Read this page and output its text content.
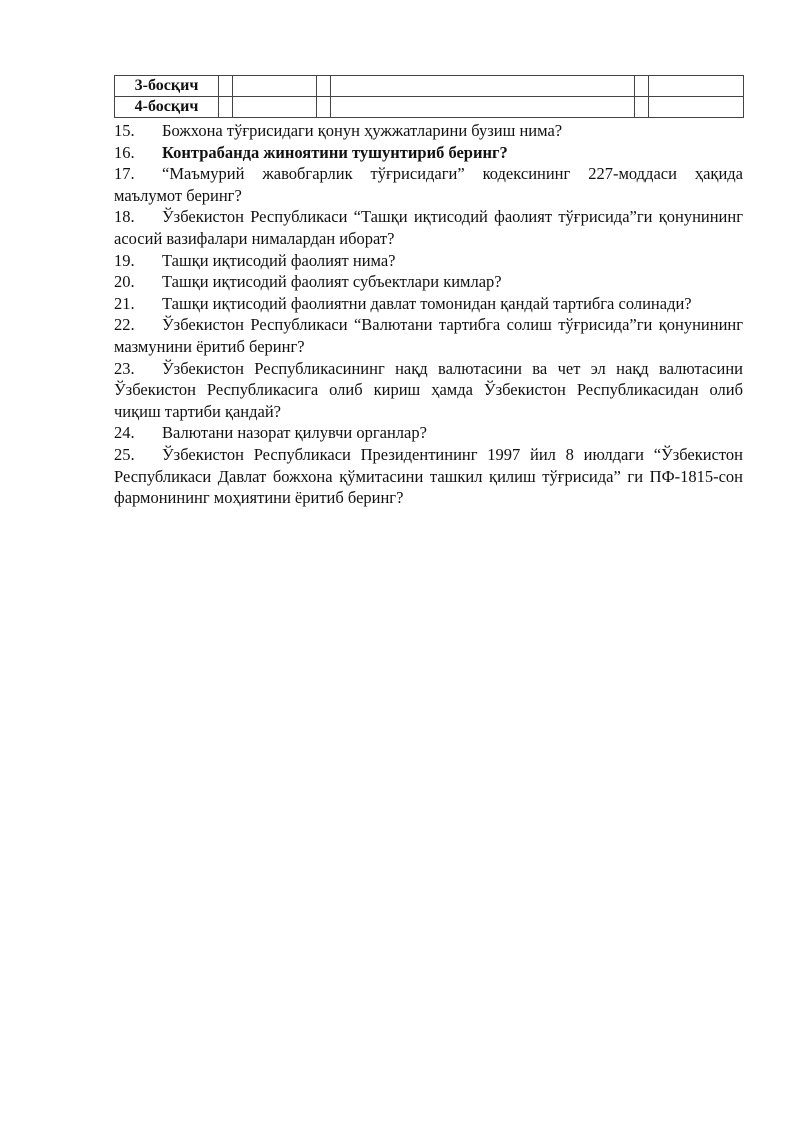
3-босқич						
4-босқич						
15. Божхона тўғрисидаги қонун ҳужжатларини бузиш нима?
16. Контрабанда жиноятини тушунтириб беринг?
17. “Маъмурий жавобгарлик тўғрисидаги” кодексининг 227-моддаси ҳақида маълумот беринг?
18. Ўзбекистон Республикаси “Ташқи иқтисодий фаолият тўғрисида”ги қонунининг асосий вазифалари нималардан иборат?
19. Ташқи иқтисодий фаолият нима?
20. Ташқи иқтисодий фаолият субъектлари кимлар?
21. Ташқи иқтисодий фаолиятни давлат томонидан қандай тартибга солинади?
22. Ўзбекистон Республикаси “Валютани тартибга солиш тўғрисида”ги қонунининг мазмунини ёритиб беринг?
23. Ўзбекистон Республикасининг нақд валютасини ва чет эл нақд валютасини Ўзбекистон Республикасига олиб кириш ҳамда Ўзбекистон Республикасидан олиб чиқиш тартиби қандай?
24. Валютани назорат қилувчи органлар?
25. Ўзбекистон Республикаси Президентининг 1997 йил 8 июлдаги “Ўзбекистон Республикаси Давлат божхона қўмитасини ташкил қилиш тўғрисида” ги ПФ-1815-сон фармонининг моҳиятини ёритиб беринг?
